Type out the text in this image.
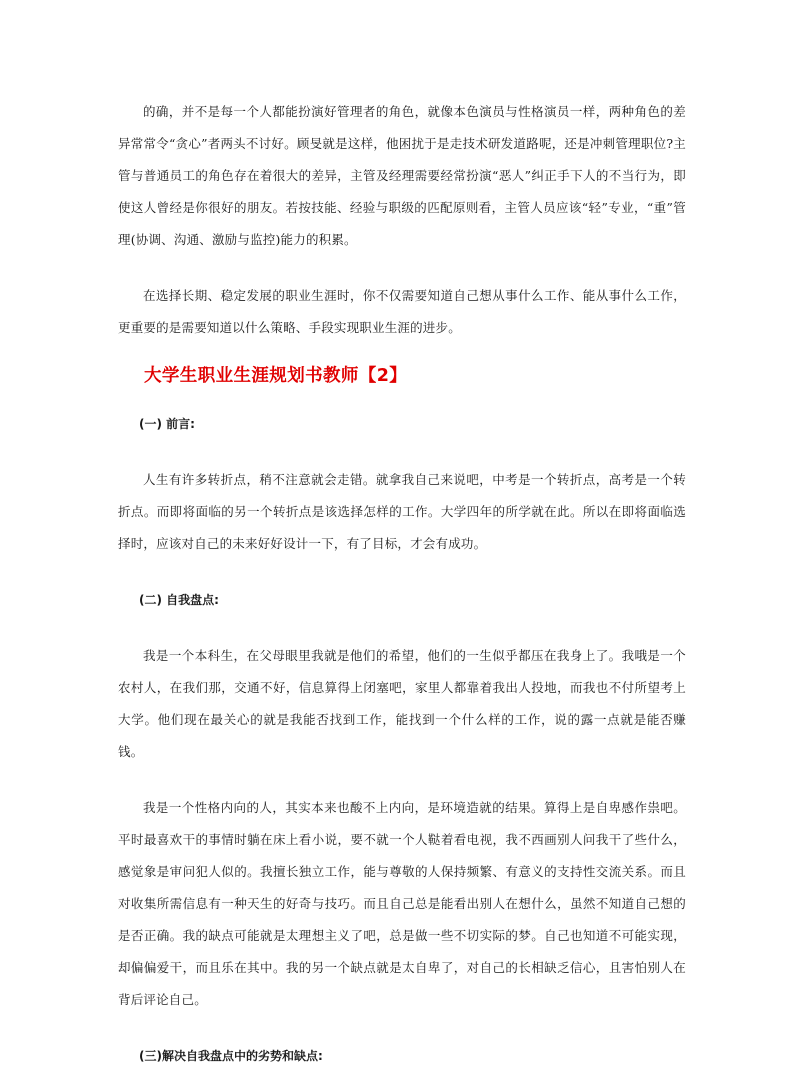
的确，并不是每一个人都能扮演好管理者的角色，就像本色演员与性格演员一样，两种角色的差异常常令“贪心”者两头不讨好。顾旻就是这样，他困扰于是走技术研发道路呢，还是冲刺管理职位?主管与普通员工的角色存在着很大的差异，主管及经理需要经常扮演“恶人”纠正手下人的不当行为，即使这人曾经是你很好的朋友。若按技能、经验与职级的匹配原则看，主管人员应该“轻”专业，“重”管理(协调、沟通、激励与监控)能力的积累。

在选择长期、稳定发展的职业生涯时，你不仅需要知道自己想从事什么工作、能从事什么工作，更重要的是需要知道以什么策略、手段实现职业生涯的进步。

大学生职业生涯规划书教师【2】
(一) 前言:

人生有许多转折点，稍不注意就会走错。就拿我自己来说吧，中考是一个转折点，高考是一个转折点。而即将面临的另一个转折点是该选择怎样的工作。大学四年的所学就在此。所以在即将面临选择时，应该对自己的未来好好设计一下，有了目标，才会有成功。

(二) 自我盘点:

我是一个本科生，在父母眼里我就是他们的希望，他们的一生似乎都压在我身上了。我哦是一个农村人，在我们那，交通不好，信息算得上闭塞吧，家里人都靠着我出人投地，而我也不付所望考上大学。他们现在最关心的就是我能否找到工作，能找到一个什么样的工作，说的露一点就是能否赚钱。

我是一个性格内向的人，其实本来也酸不上内向，是环境造就的结果。算得上是自卑感作祟吧。平时最喜欢干的事情时躺在床上看小说，要不就一个人鞑着看电视，我不西画别人问我干了些什么，感觉象是审问犯人似的。我擅长独立工作，能与尊敬的人保持频繁、有意义的支持性交流关系。而且对收集所需信息有一种天生的好奇与技巧。而且自己总是能看出别人在想什么，虽然不知道自己想的是否正确。我的缺点可能就是太理想主义了吧，总是做一些不切实际的梦。自己也知道不可能实现，却偏偏爱干，而且乐在其中。我的另一个缺点就是太自卑了，对自己的长相缺乏信心，且害怕别人在背后评论自己。

(三)解决自我盘点中的劣势和缺点:
